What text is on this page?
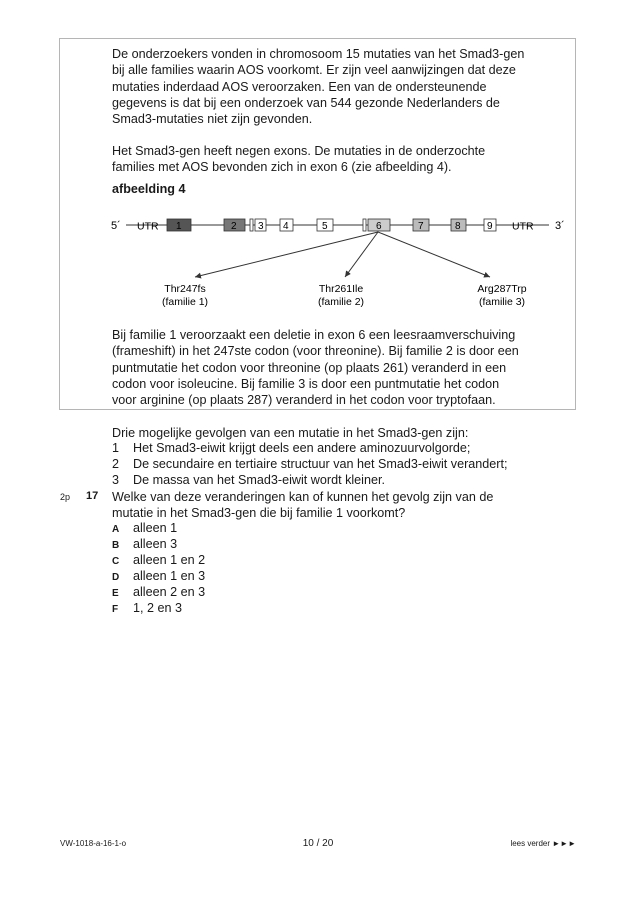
De onderzoekers vonden in chromosoom 15 mutaties van het Smad3-gen
bij alle families waarin AOS voorkomt. Er zijn veel aanwijzingen dat deze
mutaties inderdaad AOS veroorzaken. Een van de ondersteunende
gegevens is dat bij een onderzoek van 544 gezonde Nederlanders de
Smad3-mutaties niet zijn gevonden.

Het Smad3-gen heeft negen exons. De mutaties in de onderzochte
families met AOS bevonden zich in exon 6 (zie afbeelding 4).

afbeelding 4
5´	3´
UTR	UTR
1	2 3 4	5	6	7	8	9
Thr247fs
(familie 1)
Thr261Ile
(familie 2)
Arg287Trp
(familie 3)

Bij familie 1 veroorzaakt een deletie in exon 6 een leesraamverschuiving
(frameshift) in het 247ste codon (voor threonine). Bij familie 2 is door een
puntmutatie het codon voor threonine (op plaats 261) veranderd in een
codon voor isoleucine. Bij familie 3 is door een puntmutatie het codon
voor arginine (op plaats 287) veranderd in het codon voor tryptofaan.

Drie mogelijke gevolgen van een mutatie in het Smad3-gen zijn:
1 Het Smad3-eiwit krijgt deels een andere aminozuurvolgorde;
2 De secundaire en tertiaire structuur van het Smad3-eiwit verandert;
3 De massa van het Smad3-eiwit wordt kleiner.
2p 17 Welke van deze veranderingen kan of kunnen het gevolg zijn van de
mutatie in het Smad3-gen die bij familie 1 voorkomt?
A alleen 1
B alleen 3
C alleen 1 en 2
D alleen 1 en 3
E alleen 2 en 3
F 1, 2 en 3
VW-1018-a-16-1-o	10 / 20	lees verder ►►►
